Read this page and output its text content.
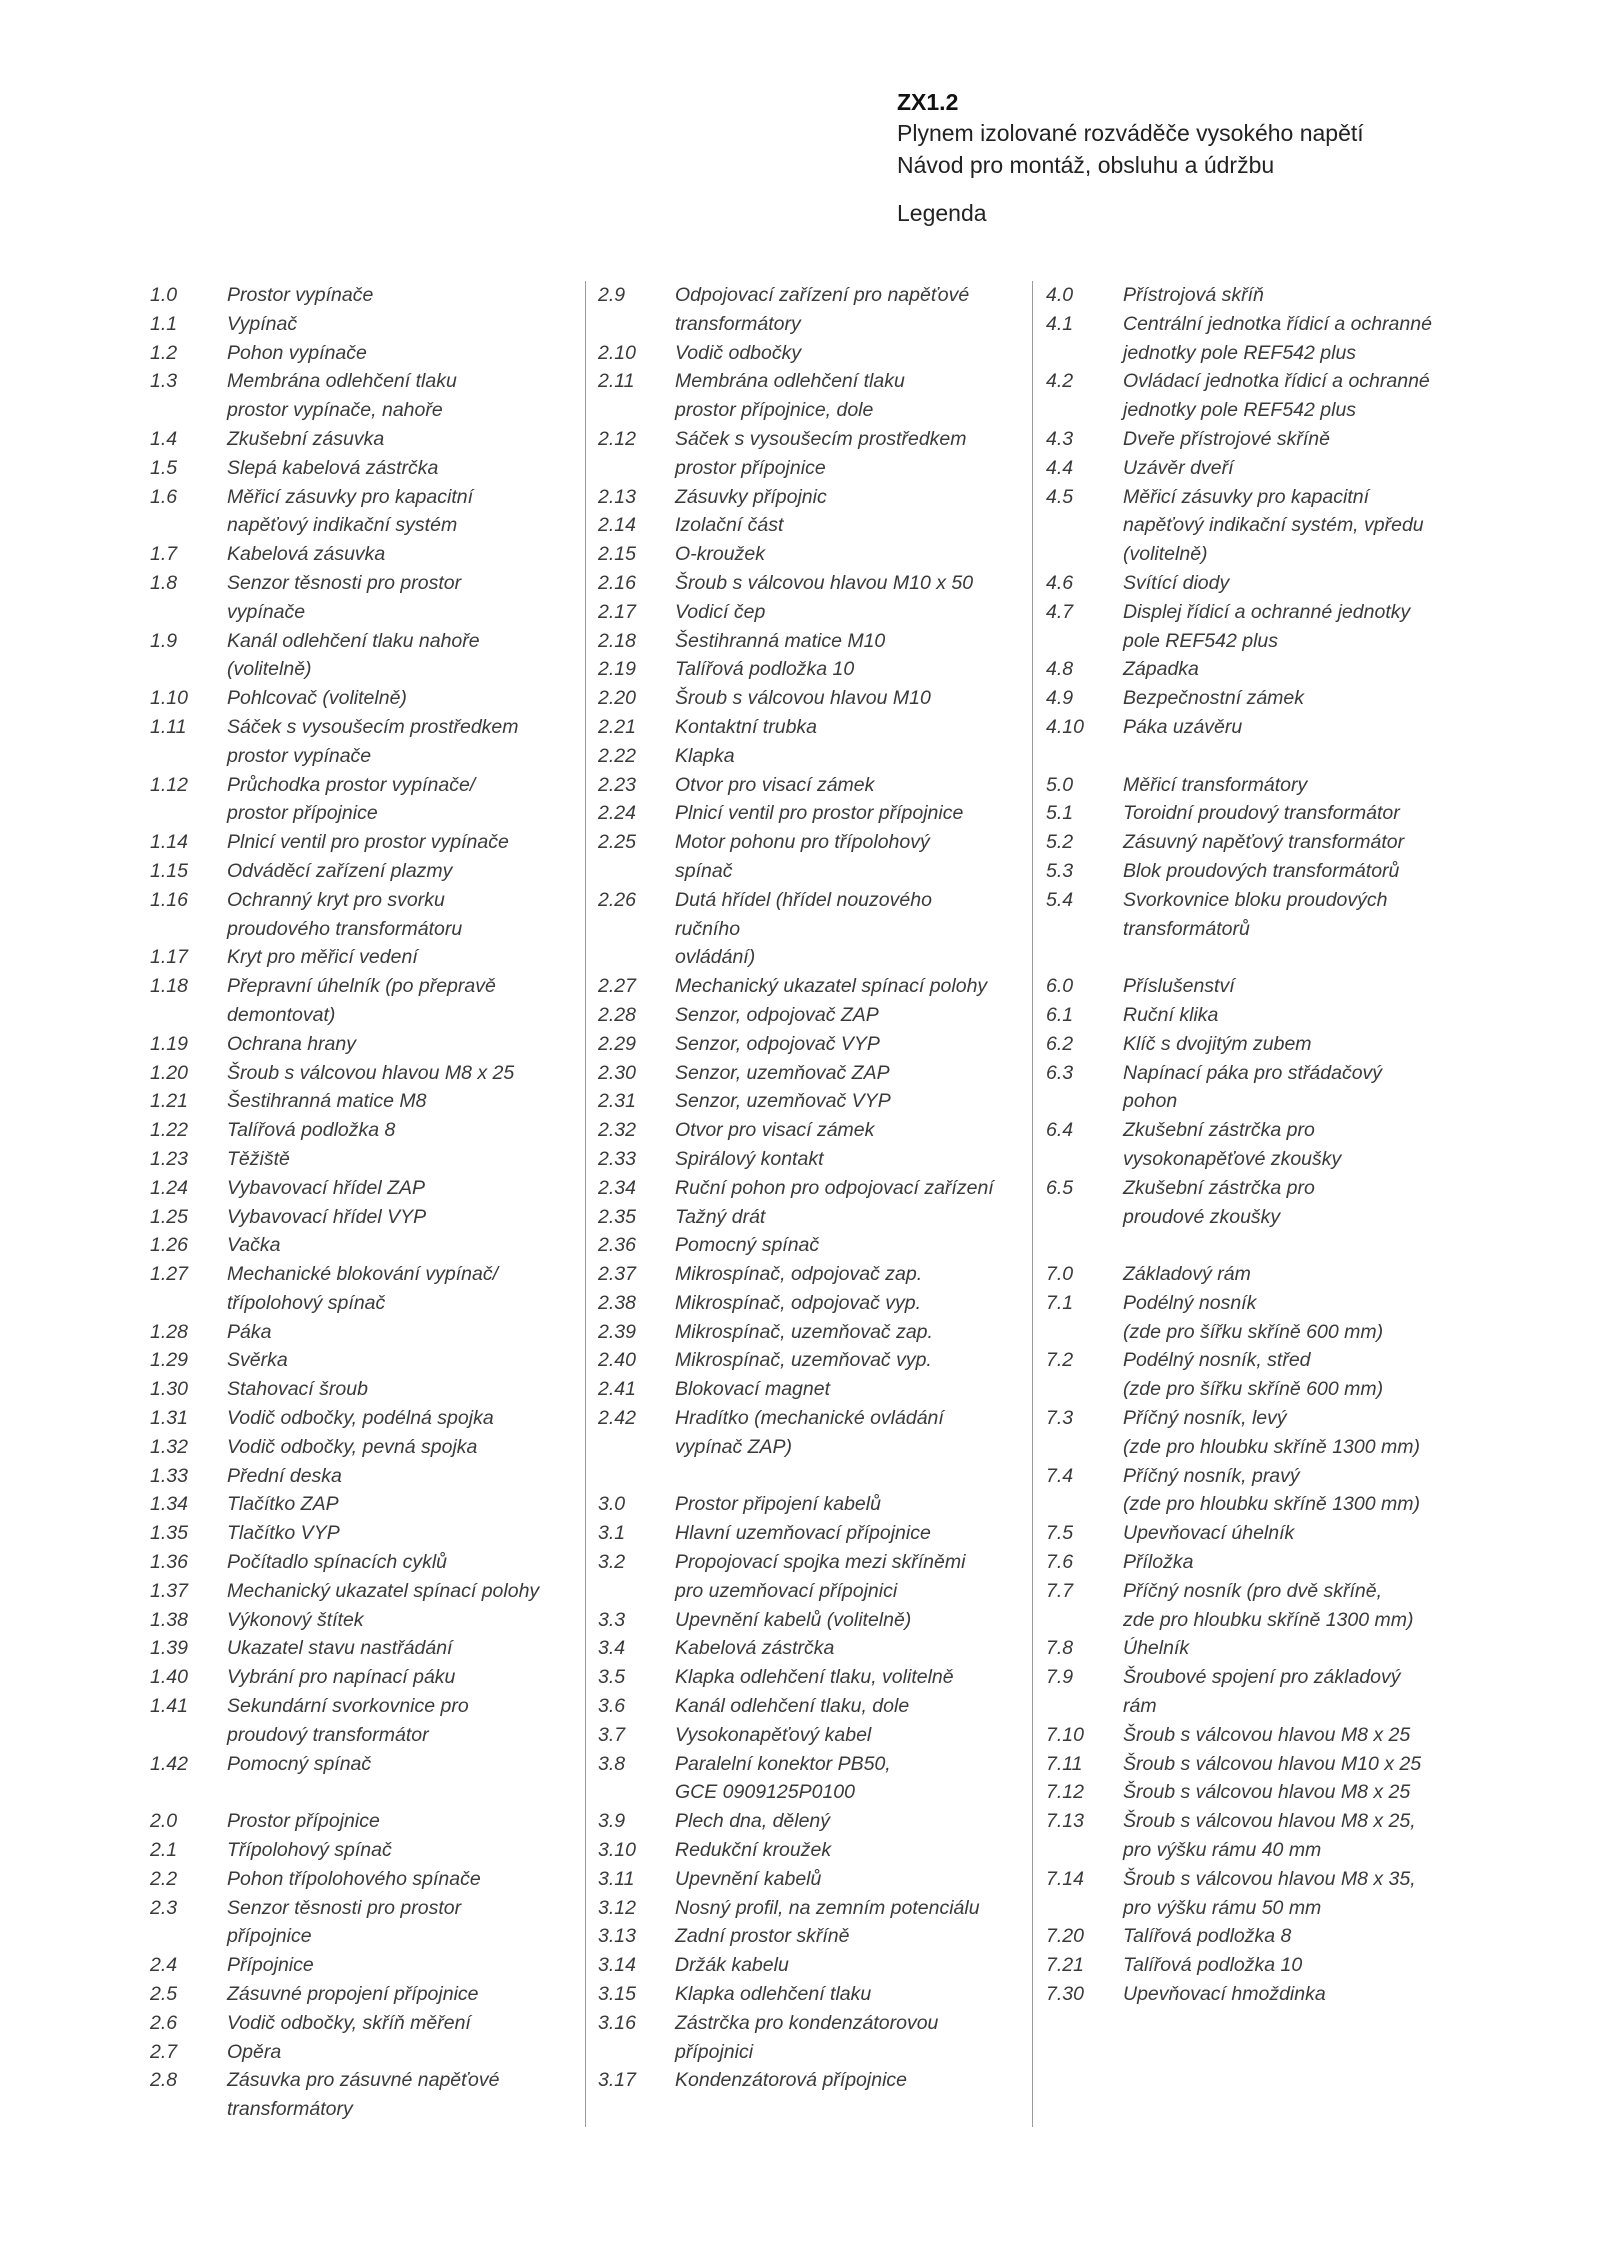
ZX1.2
Plynem izolované rozváděče vysokého napětí
Návod pro montáž, obsluhu a údržbu
Legenda
1.0	Prostor vypínače
1.1	Vypínač
1.2	Pohon vypínače
1.3	Membrána odlehčení tlaku
prostor vypínače, nahoře
1.4	Zkušební zásuvka
1.5	Slepá kabelová zástrčka
1.6	Měřicí zásuvky pro kapacitní
napěťový indikační systém
1.7	Kabelová zásuvka
1.8	Senzor těsnosti pro prostor
vypínače
1.9	Kanál odlehčení tlaku nahoře
(volitelně)
1.10	Pohlcovač (volitelně)
1.11	Sáček s vysoušecím prostředkem
prostor vypínače
1.12	Průchodka prostor vypínače/
prostor přípojnice
1.14	Plnicí ventil pro prostor vypínače
1.15	Odváděcí zařízení plazmy
1.16	Ochranný kryt pro svorku
proudového transformátoru
1.17	Kryt pro měřicí vedení
1.18	Přepravní úhelník (po přepravě
demontovat)
1.19	Ochrana hrany
1.20	Šroub s válcovou hlavou M8 x 25
1.21	Šestihranná matice M8
1.22	Talířová podložka 8
1.23	Těžiště
1.24	Vybavovací hřídel ZAP
1.25	Vybavovací hřídel VYP
1.26	Vačka
1.27	Mechanické blokování vypínač/
třípolohový spínač
1.28	Páka
1.29	Svěrka
1.30	Stahovací šroub
1.31	Vodič odbočky, podélná spojka
1.32	Vodič odbočky, pevná spojka
1.33	Přední deska
1.34	Tlačítko ZAP
1.35	Tlačítko VYP
1.36	Počítadlo spínacích cyklů
1.37	Mechanický ukazatel spínací polohy
1.38	Výkonový štítek
1.39	Ukazatel stavu nastřádání
1.40	Vybrání pro napínací páku
1.41	Sekundární svorkovnice pro
proudový transformátor
1.42	Pomocný spínač
2.0	Prostor přípojnice
2.1	Třípolohový spínač
2.2	Pohon třípolohového spínače
2.3	Senzor těsnosti pro prostor
přípojnice
2.4	Přípojnice
2.5	Zásuvné propojení přípojnice
2.6	Vodič odbočky, skříň měření
2.7	Opěra
2.8	Zásuvka pro zásuvné napěťové
transformátory
2.9	Odpojovací zařízení pro napěťové
transformátory
2.10	Vodič odbočky
2.11	Membrána odlehčení tlaku
prostor přípojnice, dole
2.12	Sáček s vysoušecím prostředkem
prostor přípojnice
2.13	Zásuvky přípojnic
2.14	Izolační část
2.15	O-kroužek
2.16	Šroub s válcovou hlavou M10 x 50
2.17	Vodicí čep
2.18	Šestihranná matice M10
2.19	Talířová podložka 10
2.20	Šroub s válcovou hlavou M10
2.21	Kontaktní trubka
2.22	Klapka
2.23	Otvor pro visací zámek
2.24	Plnicí ventil pro prostor přípojnice
2.25	Motor pohonu pro třípolohový
spínač
2.26	Dutá hřídel (hřídel nouzového
ručního
ovládání)
2.27	Mechanický ukazatel spínací polohy
2.28	Senzor, odpojovač ZAP
2.29	Senzor, odpojovač VYP
2.30	Senzor, uzemňovač ZAP
2.31	Senzor, uzemňovač VYP
2.32	Otvor pro visací zámek
2.33	Spirálový kontakt
2.34	Ruční pohon pro odpojovací zařízení
2.35	Tažný drát
2.36	Pomocný spínač
2.37	Mikrospínač, odpojovač zap.
2.38	Mikrospínač, odpojovač vyp.
2.39	Mikrospínač, uzemňovač zap.
2.40	Mikrospínač, uzemňovač vyp.
2.41	Blokovací magnet
2.42	Hradítko (mechanické ovládání
vypínač ZAP)
3.0	Prostor připojení kabelů
3.1	Hlavní uzemňovací přípojnice
3.2	Propojovací spojka mezi skříněmi
pro uzemňovací přípojnici
3.3	Upevnění kabelů (volitelně)
3.4	Kabelová zástrčka
3.5	Klapka odlehčení tlaku, volitelně
3.6	Kanál odlehčení tlaku, dole
3.7	Vysokonapěťový kabel
3.8	Paralelní konektor PB50,
GCE 0909125P0100
3.9	Plech dna, dělený
3.10	Redukční kroužek
3.11	Upevnění kabelů
3.12	Nosný profil, na zemním potenciálu
3.13	Zadní prostor skříně
3.14	Držák kabelu
3.15	Klapka odlehčení tlaku
3.16	Zástrčka pro kondenzátorovou
přípojnici
3.17	Kondenzátorová přípojnice
4.0	Přístrojová skříň
4.1	Centrální jednotka řídicí a ochranné
jednotky pole REF542 plus
4.2	Ovládací jednotka řídicí a ochranné
jednotky pole REF542 plus
4.3	Dveře přístrojové skříně
4.4	Uzávěr dveří
4.5	Měřicí zásuvky pro kapacitní
napěťový indikační systém, vpředu
(volitelně)
4.6	Svítící diody
4.7	Displej řídicí a ochranné jednotky
pole REF542 plus
4.8	Západka
4.9	Bezpečnostní zámek
4.10	Páka uzávěru
5.0	Měřicí transformátory
5.1	Toroidní proudový transformátor
5.2	Zásuvný napěťový transformátor
5.3	Blok proudových transformátorů
5.4	Svorkovnice bloku proudových
transformátorů
6.0	Příslušenství
6.1	Ruční klika
6.2	Klíč s dvojitým zubem
6.3	Napínací páka pro střádačový
pohon
6.4	Zkušební zástrčka pro
vysokonapěťové zkoušky
6.5	Zkušební zástrčka pro
proudové zkoušky
7.0	Základový rám
7.1	Podélný nosník
(zde pro šířku skříně 600 mm)
7.2	Podélný nosník, střed
(zde pro šířku skříně 600 mm)
7.3	Příčný nosník, levý
(zde pro hloubku skříně 1300 mm)
7.4	Příčný nosník, pravý
(zde pro hloubku skříně 1300 mm)
7.5	Upevňovací úhelník
7.6	Příložka
7.7	Příčný nosník (pro dvě skříně,
zde pro hloubku skříně 1300 mm)
7.8	Úhelník
7.9	Šroubové spojení pro základový
rám
7.10	Šroub s válcovou hlavou M8 x 25
7.11	Šroub s válcovou hlavou M10 x 25
7.12	Šroub s válcovou hlavou M8 x 25
7.13	Šroub s válcovou hlavou M8 x 25,
pro výšku rámu 40 mm
7.14	Šroub s válcovou hlavou M8 x 35,
pro výšku rámu 50 mm
7.20	Talířová podložka 8
7.21	Talířová podložka 10
7.30	Upevňovací hmoždinka
